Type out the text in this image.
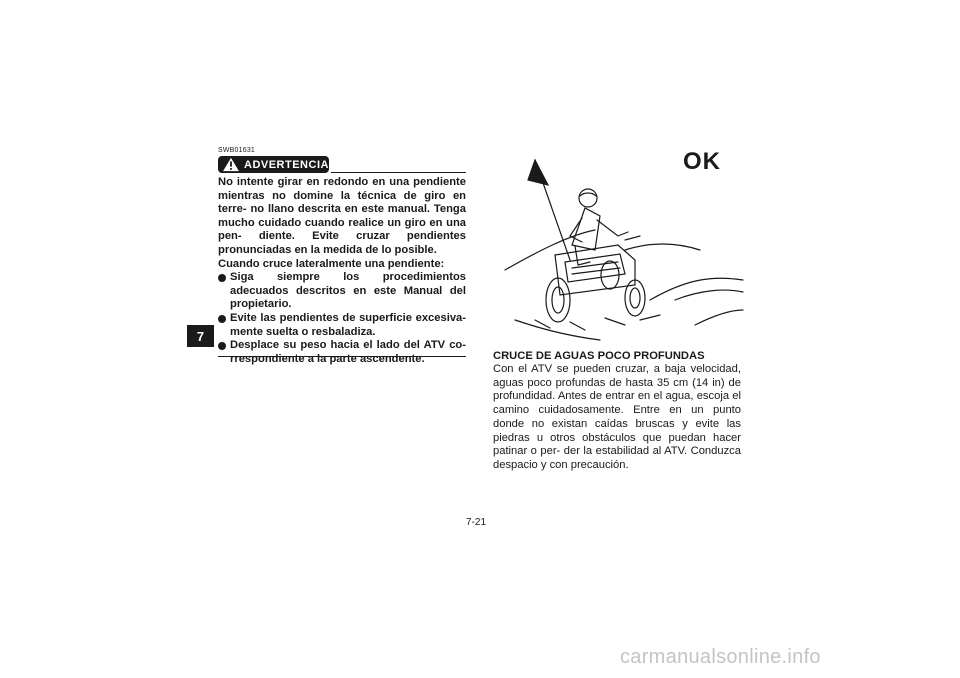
7
SWB01631
ADVERTENCIA

No intente girar en redondo en una pendiente mientras no domine la técnica de giro en terre- no llano descrita en este manual. Tenga mucho cuidado cuando realice un giro en una pen- diente. Evite cruzar pendientes pronunciadas en la medida de lo posible.

Cuando cruce lateralmente una pendiente:

Siga siempre los procedimientos adecuados descritos en este Manual del propietario.
Evite las pendientes de superficie excesiva- mente suelta o resbaladiza.
Desplace su peso hacia el lado del ATV co- rrespondiente a la parte ascendente.
OK
CRUCE DE AGUAS POCO PROFUNDAS

Con el ATV se pueden cruzar, a baja velocidad, aguas poco profundas de hasta 35 cm (14 in) de profundidad. Antes de entrar en el agua, escoja el camino cuidadosamente. Entre en un punto donde no existan caídas bruscas y evite las piedras u otros obstáculos que puedan hacer patinar o per- der la estabilidad al ATV. Conduzca despacio y con precaución.

7-21
carmanualsonline.info
